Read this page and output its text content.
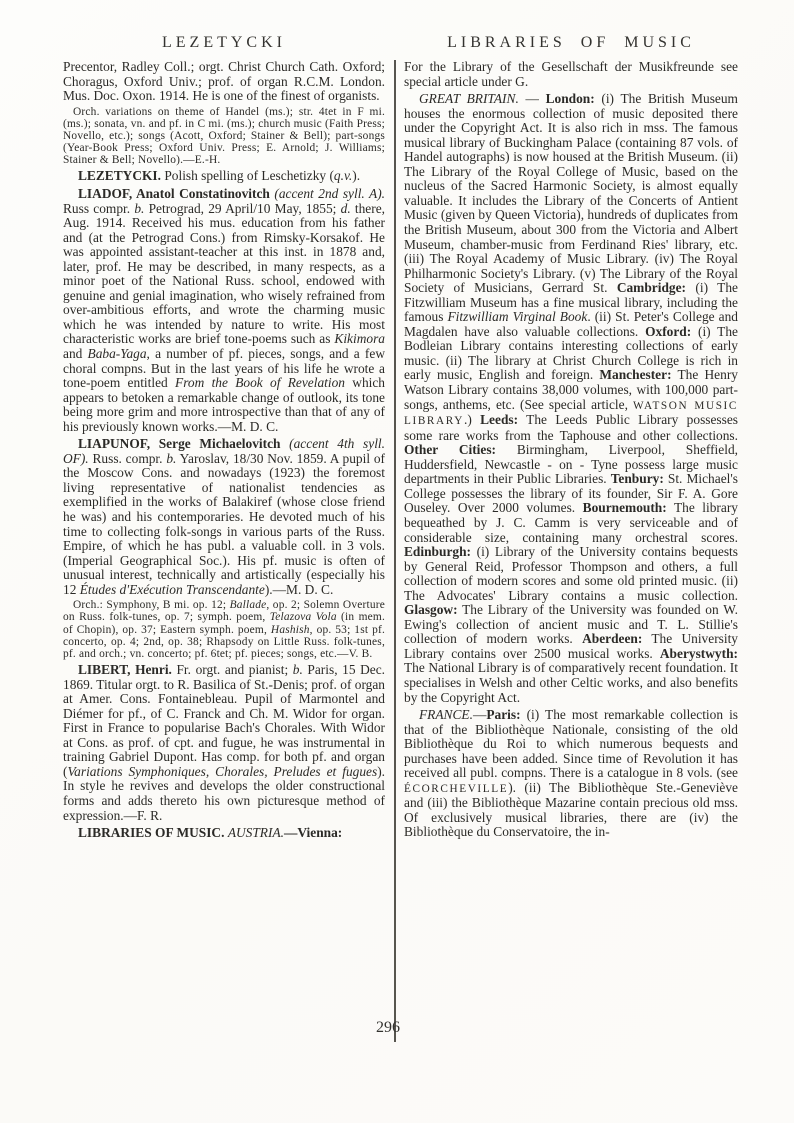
LEZETYCKI	LIBRARIES OF MUSIC

Precentor, Radley Coll.; orgt. Christ Church Cath. Oxford; Choragus, Oxford Univ.; prof. of organ R.C.M. London. Mus. Doc. Oxon. 1914. He is one of the finest of organists.

Orch. variations on theme of Handel (ms.); str. 4tet in F mi. (ms.); sonata, vn. and pf. in C mi. (ms.); church music (Faith Press; Novello, etc.); songs (Acott, Oxford; Stainer & Bell); part-songs (Year-Book Press; Oxford Univ. Press; E. Arnold; J. Williams; Stainer & Bell; Novello).—E.-H.

LEZETYCKI. Polish spelling of Leschetizky (q.v.).

LIADOF, Anatol Constatinovitch (accent 2nd syll. A). Russ compr. b. Petrograd, 29 April/10 May, 1855; d. there, Aug. 1914. Received his mus. education from his father and (at the Petrograd Cons.) from Rimsky-Korsakof. He was appointed assistant-teacher at this inst. in 1878 and, later, prof. He may be described, in many respects, as a minor poet of the National Russ. school, endowed with genuine and genial imagination, who wisely refrained from over-ambitious efforts, and wrote the charming music which he was intended by nature to write. His most characteristic works are brief tone-poems such as Kikimora and Baba-Yaga, a number of pf. pieces, songs, and a few choral compns. But in the last years of his life he wrote a tone-poem entitled From the Book of Revelation which appears to betoken a remarkable change of outlook, its tone being more grim and more introspective than that of any of his previously known works.—M. D. C.

LIAPUNOF, Serge Michaelovitch (accent 4th syll. OF). Russ. compr. b. Yaroslav, 18/30 Nov. 1859. A pupil of the Moscow Cons. and nowadays (1923) the foremost living representative of nationalist tendencies as exemplified in the works of Balakiref (whose close friend he was) and his contemporaries. He devoted much of his time to collecting folk-songs in various parts of the Russ. Empire, of which he has publ. a valuable coll. in 3 vols. (Imperial Geographical Soc.). His pf. music is often of unusual interest, technically and artistically (especially his 12 Études d'Exécution Transcendante).—M. D. C.

Orch.: Symphony, B mi. op. 12; Ballade, op. 2; Solemn Overture on Russ. folk-tunes, op. 7; symph. poem, Telazova Vola (in mem. of Chopin), op. 37; Eastern symph. poem, Hashish, op. 53; 1st pf. concerto, op. 4; 2nd, op. 38; Rhapsody on Little Russ. folk-tunes, pf. and orch.; vn. concerto; pf. 6tet; pf. pieces; songs, etc.—V. B.

LIBERT, Henri. Fr. orgt. and pianist; b. Paris, 15 Dec. 1869. Titular orgt. to R. Basilica of St.-Denis; prof. of organ at Amer. Cons. Fontainebleau. Pupil of Marmontel and Diémer for pf., of C. Franck and Ch. M. Widor for organ. First in France to popularise Bach's Chorales. With Widor at Cons. as prof. of cpt. and fugue, he was instrumental in training Gabriel Dupont. Has comp. for both pf. and organ (Variations Symphoniques, Chorales, Preludes et fugues). In style he revives and develops the older constructional forms and adds thereto his own picturesque method of expression.—F. R.

LIBRARIES OF MUSIC. AUSTRIA.—Vienna:

For the Library of the Gesellschaft der Musikfreunde see special article under G.

GREAT BRITAIN. — London: (i) The British Museum houses the enormous collection of music deposited there under the Copyright Act. It is also rich in mss. The famous musical library of Buckingham Palace (containing 87 vols. of Handel autographs) is now housed at the British Museum. (ii) The Library of the Royal College of Music, based on the nucleus of the Sacred Harmonic Society, is almost equally valuable. It includes the Library of the Concerts of Antient Music (given by Queen Victoria), hundreds of duplicates from the British Museum, about 300 from the Victoria and Albert Museum, chamber-music from Ferdinand Ries' library, etc. (iii) The Royal Academy of Music Library. (iv) The Royal Philharmonic Society's Library. (v) The Library of the Royal Society of Musicians, Gerrard St. Cambridge: (i) The Fitzwilliam Museum has a fine musical library, including the famous Fitzwilliam Virginal Book. (ii) St. Peter's College and Magdalen have also valuable collections. Oxford: (i) The Bodleian Library contains interesting collections of early music. (ii) The library at Christ Church College is rich in early music, English and foreign. Manchester: The Henry Watson Library contains 38,000 volumes, with 100,000 part-songs, anthems, etc. (See special article, WATSON MUSIC LIBRARY.) Leeds: The Leeds Public Library possesses some rare works from the Taphouse and other collections. Other Cities: Birmingham, Liverpool, Sheffield, Huddersfield, Newcastle - on - Tyne possess large music departments in their Public Libraries. Tenbury: St. Michael's College possesses the library of its founder, Sir F. A. Gore Ouseley. Over 2000 volumes. Bournemouth: The library bequeathed by J. C. Camm is very serviceable and of considerable size, containing many orchestral scores. Edinburgh: (i) Library of the University contains bequests by General Reid, Professor Thompson and others, a full collection of modern scores and some old printed music. (ii) The Advocates' Library contains a music collection. Glasgow: The Library of the University was founded on W. Ewing's collection of ancient music and T. L. Stillie's collection of modern works. Aberdeen: The University Library contains over 2500 musical works. Aberystwyth: The National Library is of comparatively recent foundation. It specialises in Welsh and other Celtic works, and also benefits by the Copyright Act.

FRANCE.—Paris: (i) The most remarkable collection is that of the Bibliothèque Nationale, consisting of the old Bibliothèque du Roi to which numerous bequests and purchases have been added. Since time of Revolution it has received all publ. compns. There is a catalogue in 8 vols. (see ÉCORCHEVILLE). (ii) The Bibliothèque Ste.-Geneviève and (iii) the Bibliothèque Mazarine contain precious old mss. Of exclusively musical libraries, there are (iv) the Bibliothèque du Conservatoire, the in-

296
